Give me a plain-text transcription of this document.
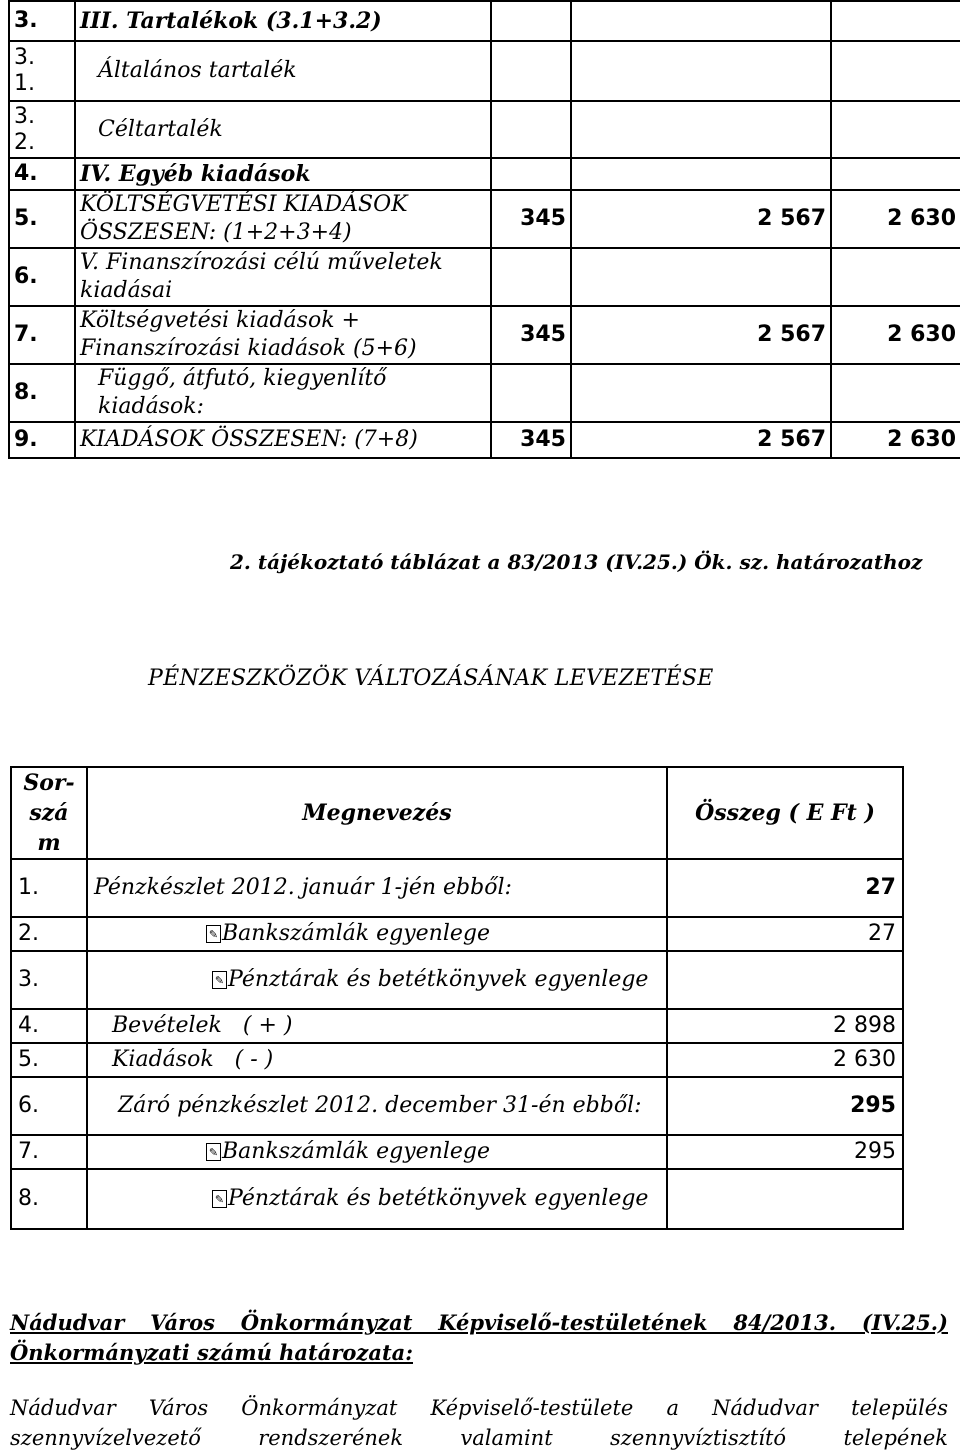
3.	III. Tartalékok (3.1+3.2)			
3.
1.	Általános tartalék			
3.
2.	Céltartalék			
4.	IV. Egyéb kiadások			
5.	KÖLTSÉGVETÉSI KIADÁSOK ÖSSZESEN: (1+2+3+4)	345	2 567	2 630
6.	V. Finanszírozási célú műveletek kiadásai			
7.	Költségvetési kiadások + Finanszírozási kiadások (5+6)	345	2 567	2 630
8.	Függő, átfutó, kiegyenlítő kiadások:			
9.	KIADÁSOK ÖSSZESEN: (7+8)	345	2 567	2 630
2. tájékoztató táblázat a 83/2013 (IV.25.) Ök. sz. határozathoz
PÉNZESZKÖZÖK VÁLTOZÁSÁNAK LEVEZETÉSE
Sor-szám	Megnevezés	Összeg ( E Ft )
1.	Pénzkészlet 2012. január 1-jén ebből:	27
2.	✎ Bankszámlák egyenlege	27
3.	✎ Pénztárak és betétkönyvek egyenlege	
4.	Bevételek   ( + )	2 898
5.	Kiadások   ( - )	2 630
6.	Záró pénzkészlet 2012. december 31-én ebből:	295
7.	✎ Bankszámlák egyenlege	295
8.	✎ Pénztárak és betétkönyvek egyenlege	
Nádudvar Város Önkormányzat Képviselő-testületének 84/2013. (IV.25.) Önkormányzati számú határozata:
Nádudvar Város Önkormányzat Képviselő-testülete a Nádudvar település szennyvízelvezető rendszerének valamint szennyvíztisztító telepének
